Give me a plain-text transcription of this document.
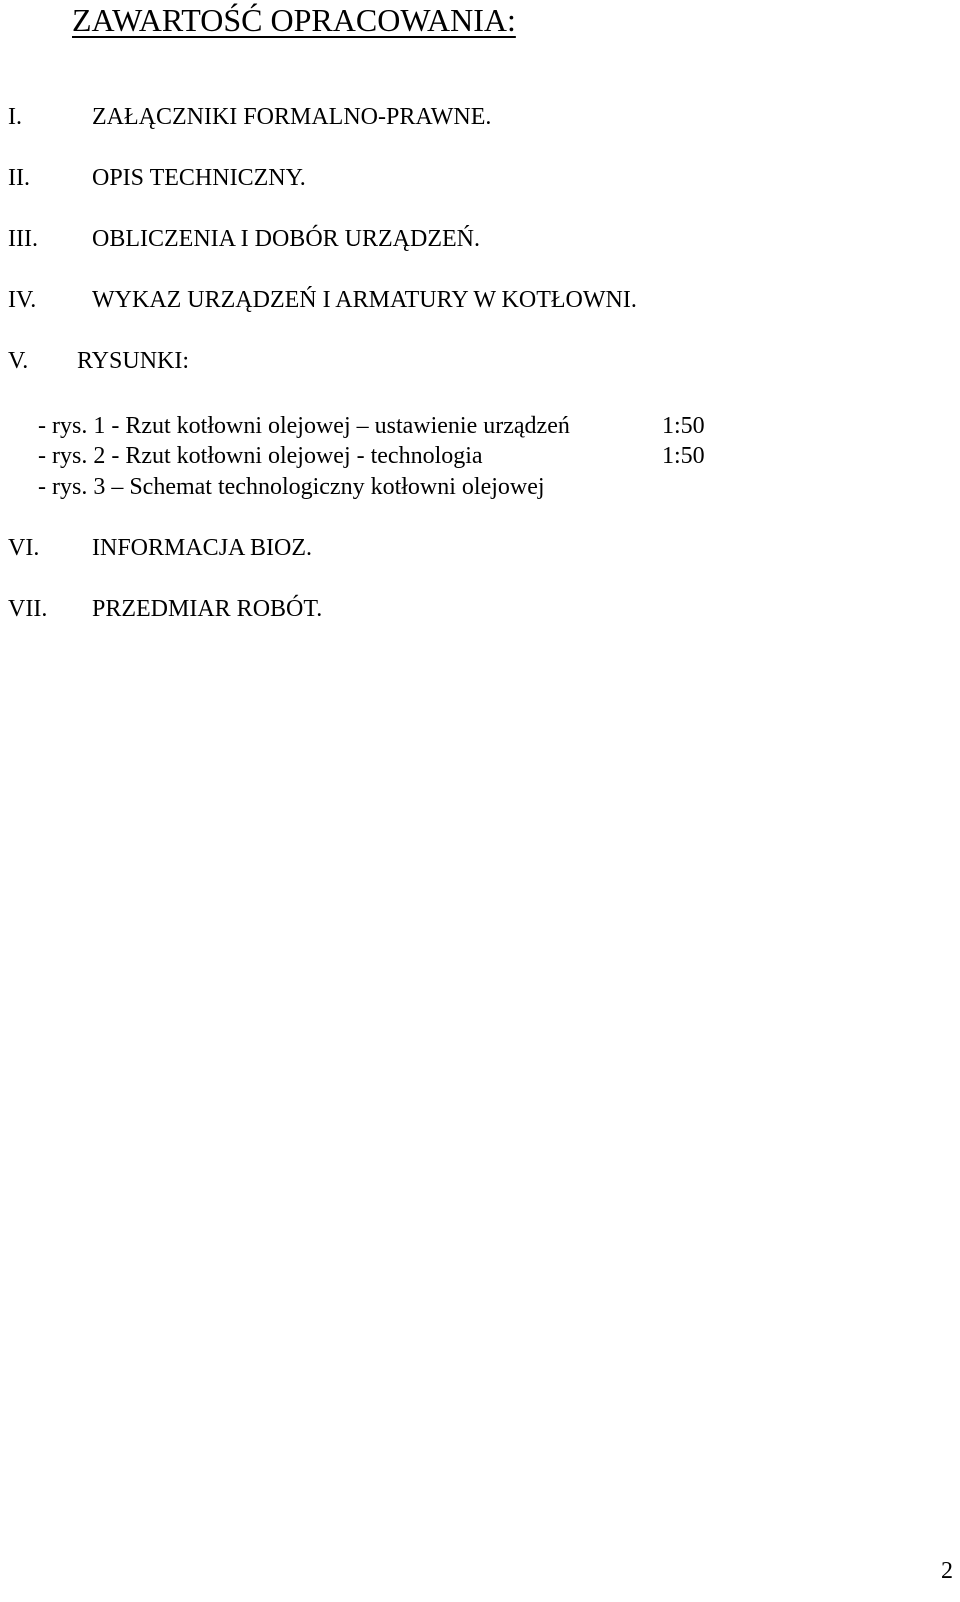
ZAWARTOŚĆ OPRACOWANIA:
I.	ZAŁĄCZNIKI FORMALNO-PRAWNE.
II.	OPIS TECHNICZNY.
III. OBLICZENIA I DOBÓR URZĄDZEŃ.
IV. WYKAZ URZĄDZEŃ I ARMATURY W KOTŁOWNI.
V. RYSUNKI:
- rys. 1 - Rzut kotłowni olejowej – ustawienie urządzeń	1:50
- rys. 2 - Rzut kotłowni olejowej - technologia	1:50
- rys. 3 – Schemat technologiczny kotłowni olejowej
VI. INFORMACJA BIOZ.
VII. PRZEDMIAR ROBÓT.
2
